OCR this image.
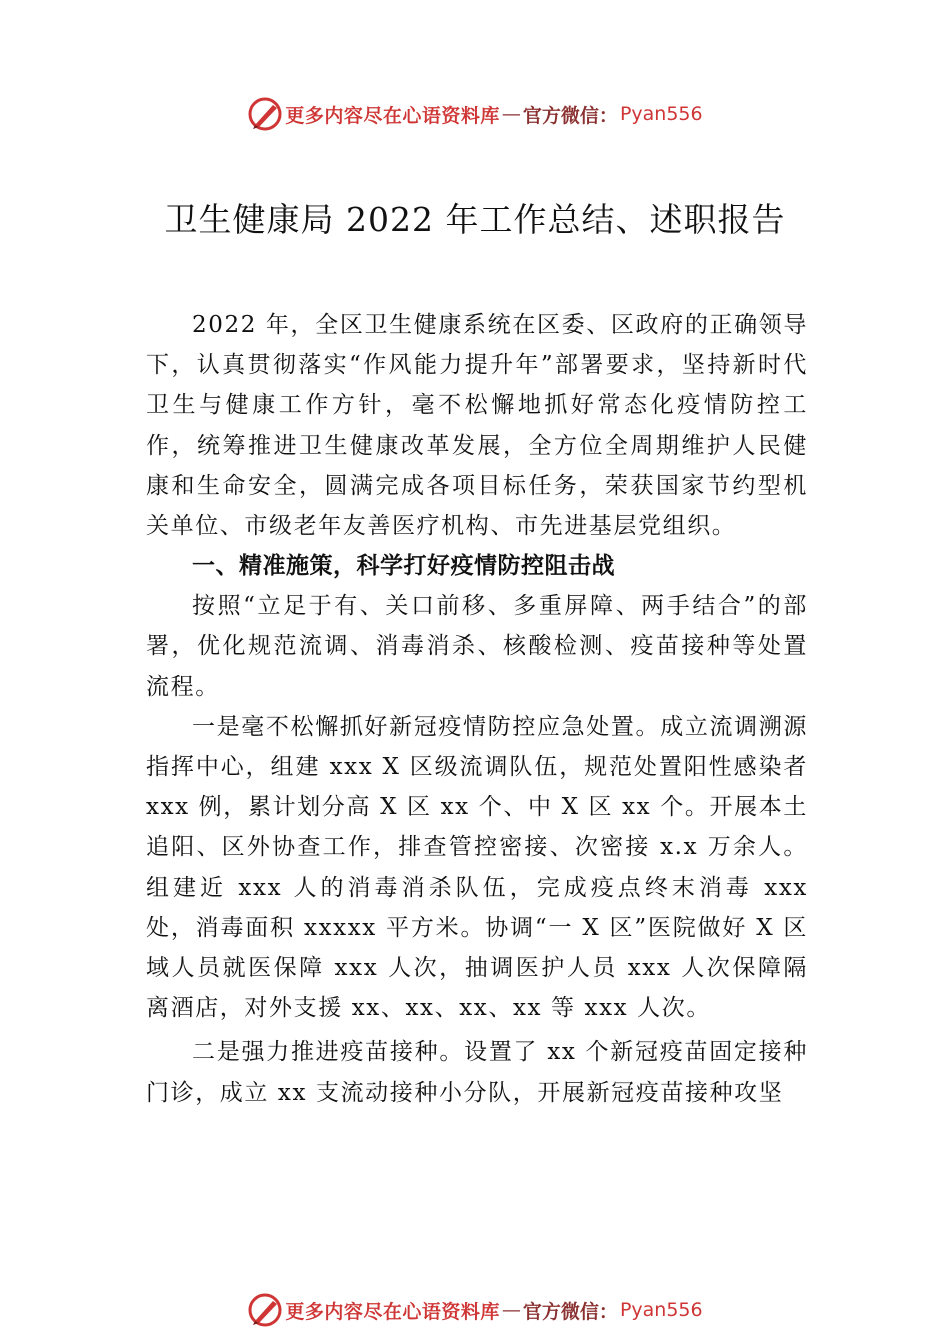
更多内容尽在心语资料库 — 官方微信： Pyan556
卫生健康局 2022 年工作总结、述职报告

2022 年，全区卫生健康系统在区委、区政府的正确领导下，认真贯彻落实“作风能力提升年”部署要求，坚持新时代卫生与健康工作方针，毫不松懈地抓好常态化疫情防控工作，统筹推进卫生健康改革发展，全方位全周期维护人民健康和生命安全，圆满完成各项目标任务，荣获国家节约型机关单位、市级老年友善医疗机构、市先进基层党组织。

一、精准施策，科学打好疫情防控阻击战

按照“立足于有、关口前移、多重屏障、两手结合”的部署，优化规范流调、消毒消杀、核酸检测、疫苗接种等处置流程。

一是毫不松懈抓好新冠疫情防控应急处置。成立流调溯源指挥中心，组建 xxx X 区级流调队伍，规范处置阳性感染者 xxx 例，累计划分高 X 区 xx 个、中 X 区 xx 个。开展本土追阳、区外协查工作，排查管控密接、次密接 x.x 万余人。组建近 xxx 人的消毒消杀队伍，完成疫点终末消毒 xxx 处，消毒面积 xxxxx 平方米。协调“一 X 区”医院做好 X 区域人员就医保障 xxx 人次，抽调医护人员 xxx 人次保障隔离酒店，对外支援 xx、xx、xx、xx 等 xxx 人次。

二是强力推进疫苗接种。设置了 xx 个新冠疫苗固定接种门诊，成立 xx 支流动接种小分队，开展新冠疫苗接种攻坚

更多内容尽在心语资料库 — 官方微信： Pyan556
